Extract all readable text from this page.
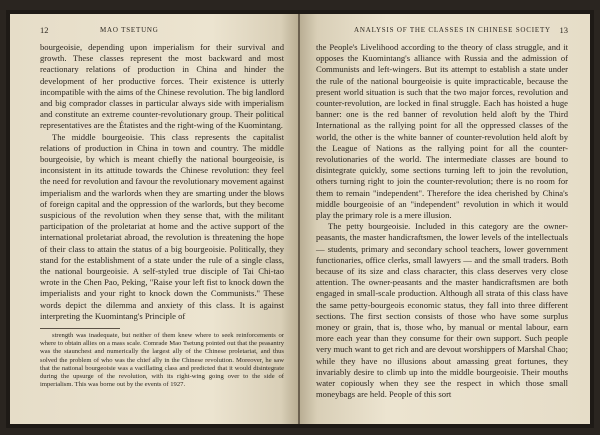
12	MAO TSETUNG

bourgeoisie, depending upon imperialism for their survival and growth. These classes represent the most backward and most reactionary relations of production in China and hinder the development of her productive forces. Their existence is utterly incompatible with the aims of the Chinese revolution. The big landlord and big comprador classes in particular always side with imperialism and constitute an extreme counter-revolutionary group. Their political representatives are the Étatistes and the right-wing of the Kuomintang.

The middle bourgeoisie. This class represents the capitalist relations of production in China in town and country. The middle bourgeoisie, by which is meant chiefly the national bourgeoisie, is inconsistent in its attitude towards the Chinese revolution: they feel the need for revolution and favour the revolutionary movement against imperialism and the warlords when they are smarting under the blows of foreign capital and the oppression of the warlords, but they become suspicious of the revolution when they sense that, with the militant participation of the proletariat at home and the active support of the international proletariat abroad, the revolution is threatening the hope of their class to attain the status of a big bourgeoisie. Politically, they stand for the establishment of a state under the rule of a single class, the national bourgeoisie. A self-styled true disciple of Tai Chi-tao wrote in the Chen Pao, Peking, "Raise your left fist to knock down the imperialists and your right to knock down the Communists." These words depict the dilemma and anxiety of this class. It is against interpreting the Kuomintang's Principle of

strength was inadequate, but neither of them knew where to seek reinforcements or where to obtain allies on a mass scale. Comrade Mao Tsetung pointed out that the peasantry was the staunchest and numerically the largest ally of the Chinese proletariat, and thus solved the problem of who was the chief ally in the Chinese revolution. Moreover, he saw that the national bourgeoisie was a vacillating class and predicted that it would disintegrate during the upsurge of the revolution, with its right-wing going over to the side of imperialism. This was borne out by the events of 1927.

ANALYSIS OF THE CLASSES IN CHINESE SOCIETY 13

the People's Livelihood according to the theory of class struggle, and it opposes the Kuomintang's alliance with Russia and the admission of Communists and left-wingers. But its attempt to establish a state under the rule of the national bourgeoisie is quite impracticable, because the present world situation is such that the two major forces, revolution and counter-revolution, are locked in final struggle. Each has hoisted a huge banner: one is the red banner of revolution held aloft by the Third International as the rallying point for all the oppressed classes of the world, the other is the white banner of counter-revolution held aloft by the League of Nations as the rallying point for all the counter-revolutionaries of the world. The intermediate classes are bound to disintegrate quickly, some sections turning left to join the revolution, others turning right to join the counter-revolution; there is no room for them to remain "independent". Therefore the idea cherished by China's middle bourgeoisie of an "independent" revolution in which it would play the primary role is a mere illusion.

The petty bourgeoisie. Included in this category are the owner-peasants, the master handicraftsmen, the lower levels of the intellectuals — students, primary and secondary school teachers, lower government functionaries, office clerks, small lawyers — and the small traders. Both because of its size and class character, this class deserves very close attention. The owner-peasants and the master handicraftsmen are both engaged in small-scale production. Although all strata of this class have the same petty-bourgeois economic status, they fall into three different sections. The first section consists of those who have some surplus money or grain, that is, those who, by manual or mental labour, earn more each year than they consume for their own support. Such people very much want to get rich and are devout worshippers of Marshal Chao; while they have no illusions about amassing great fortunes, they invariably desire to climb up into the middle bourgeoisie. Their mouths water copiously when they see the respect in which those small moneybags are held. People of this sort
